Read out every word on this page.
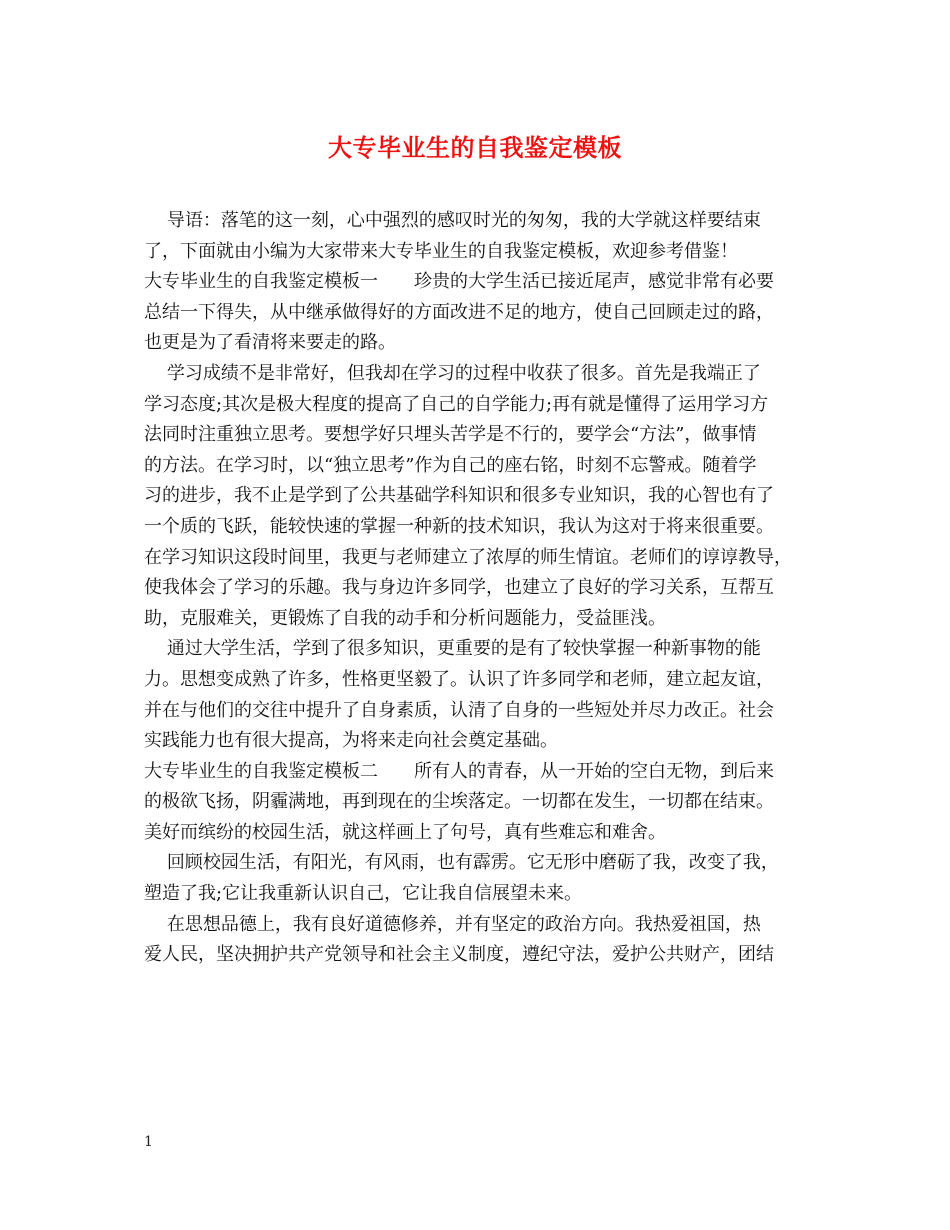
大专毕业生的自我鉴定模板
导语：落笔的这一刻，心中强烈的感叹时光的匆匆，我的大学就这样要结束
了，下面就由小编为大家带来大专毕业生的自我鉴定模板，欢迎参考借鉴！
大专毕业生的自我鉴定模板一　　珍贵的大学生活已接近尾声，感觉非常有必要
总结一下得失，从中继承做得好的方面改进不足的地方，使自己回顾走过的路，
也更是为了看清将来要走的路。
学习成绩不是非常好，但我却在学习的过程中收获了很多。首先是我端正了
学习态度;其次是极大程度的提高了自己的自学能力;再有就是懂得了运用学习方
法同时注重独立思考。要想学好只埋头苦学是不行的，要学会“方法”，做事情
的方法。在学习时，以“独立思考”作为自己的座右铭，时刻不忘警戒。随着学
习的进步，我不止是学到了公共基础学科知识和很多专业知识，我的心智也有了
一个质的飞跃，能较快速的掌握一种新的技术知识，我认为这对于将来很重要。
在学习知识这段时间里，我更与老师建立了浓厚的师生情谊。老师们的谆谆教导，
使我体会了学习的乐趣。我与身边许多同学，也建立了良好的学习关系，互帮互
助，克服难关，更锻炼了自我的动手和分析问题能力，受益匪浅。
通过大学生活，学到了很多知识，更重要的是有了较快掌握一种新事物的能
力。思想变成熟了许多，性格更坚毅了。认识了许多同学和老师，建立起友谊，
并在与他们的交往中提升了自身素质，认清了自身的一些短处并尽力改正。社会
实践能力也有很大提高，为将来走向社会奠定基础。
大专毕业生的自我鉴定模板二　　所有人的青春，从一开始的空白无物，到后来
的极欲飞扬，阴霾满地，再到现在的尘埃落定。一切都在发生，一切都在结束。
美好而缤纷的校园生活，就这样画上了句号，真有些难忘和难舍。
回顾校园生活，有阳光，有风雨，也有霹雳。它无形中磨砺了我，改变了我，
塑造了我;它让我重新认识自己，它让我自信展望未来。
在思想品德上，我有良好道德修养，并有坚定的政治方向。我热爱祖国，热
爱人民，坚决拥护共产党领导和社会主义制度，遵纪守法，爱护公共财产，团结
1
